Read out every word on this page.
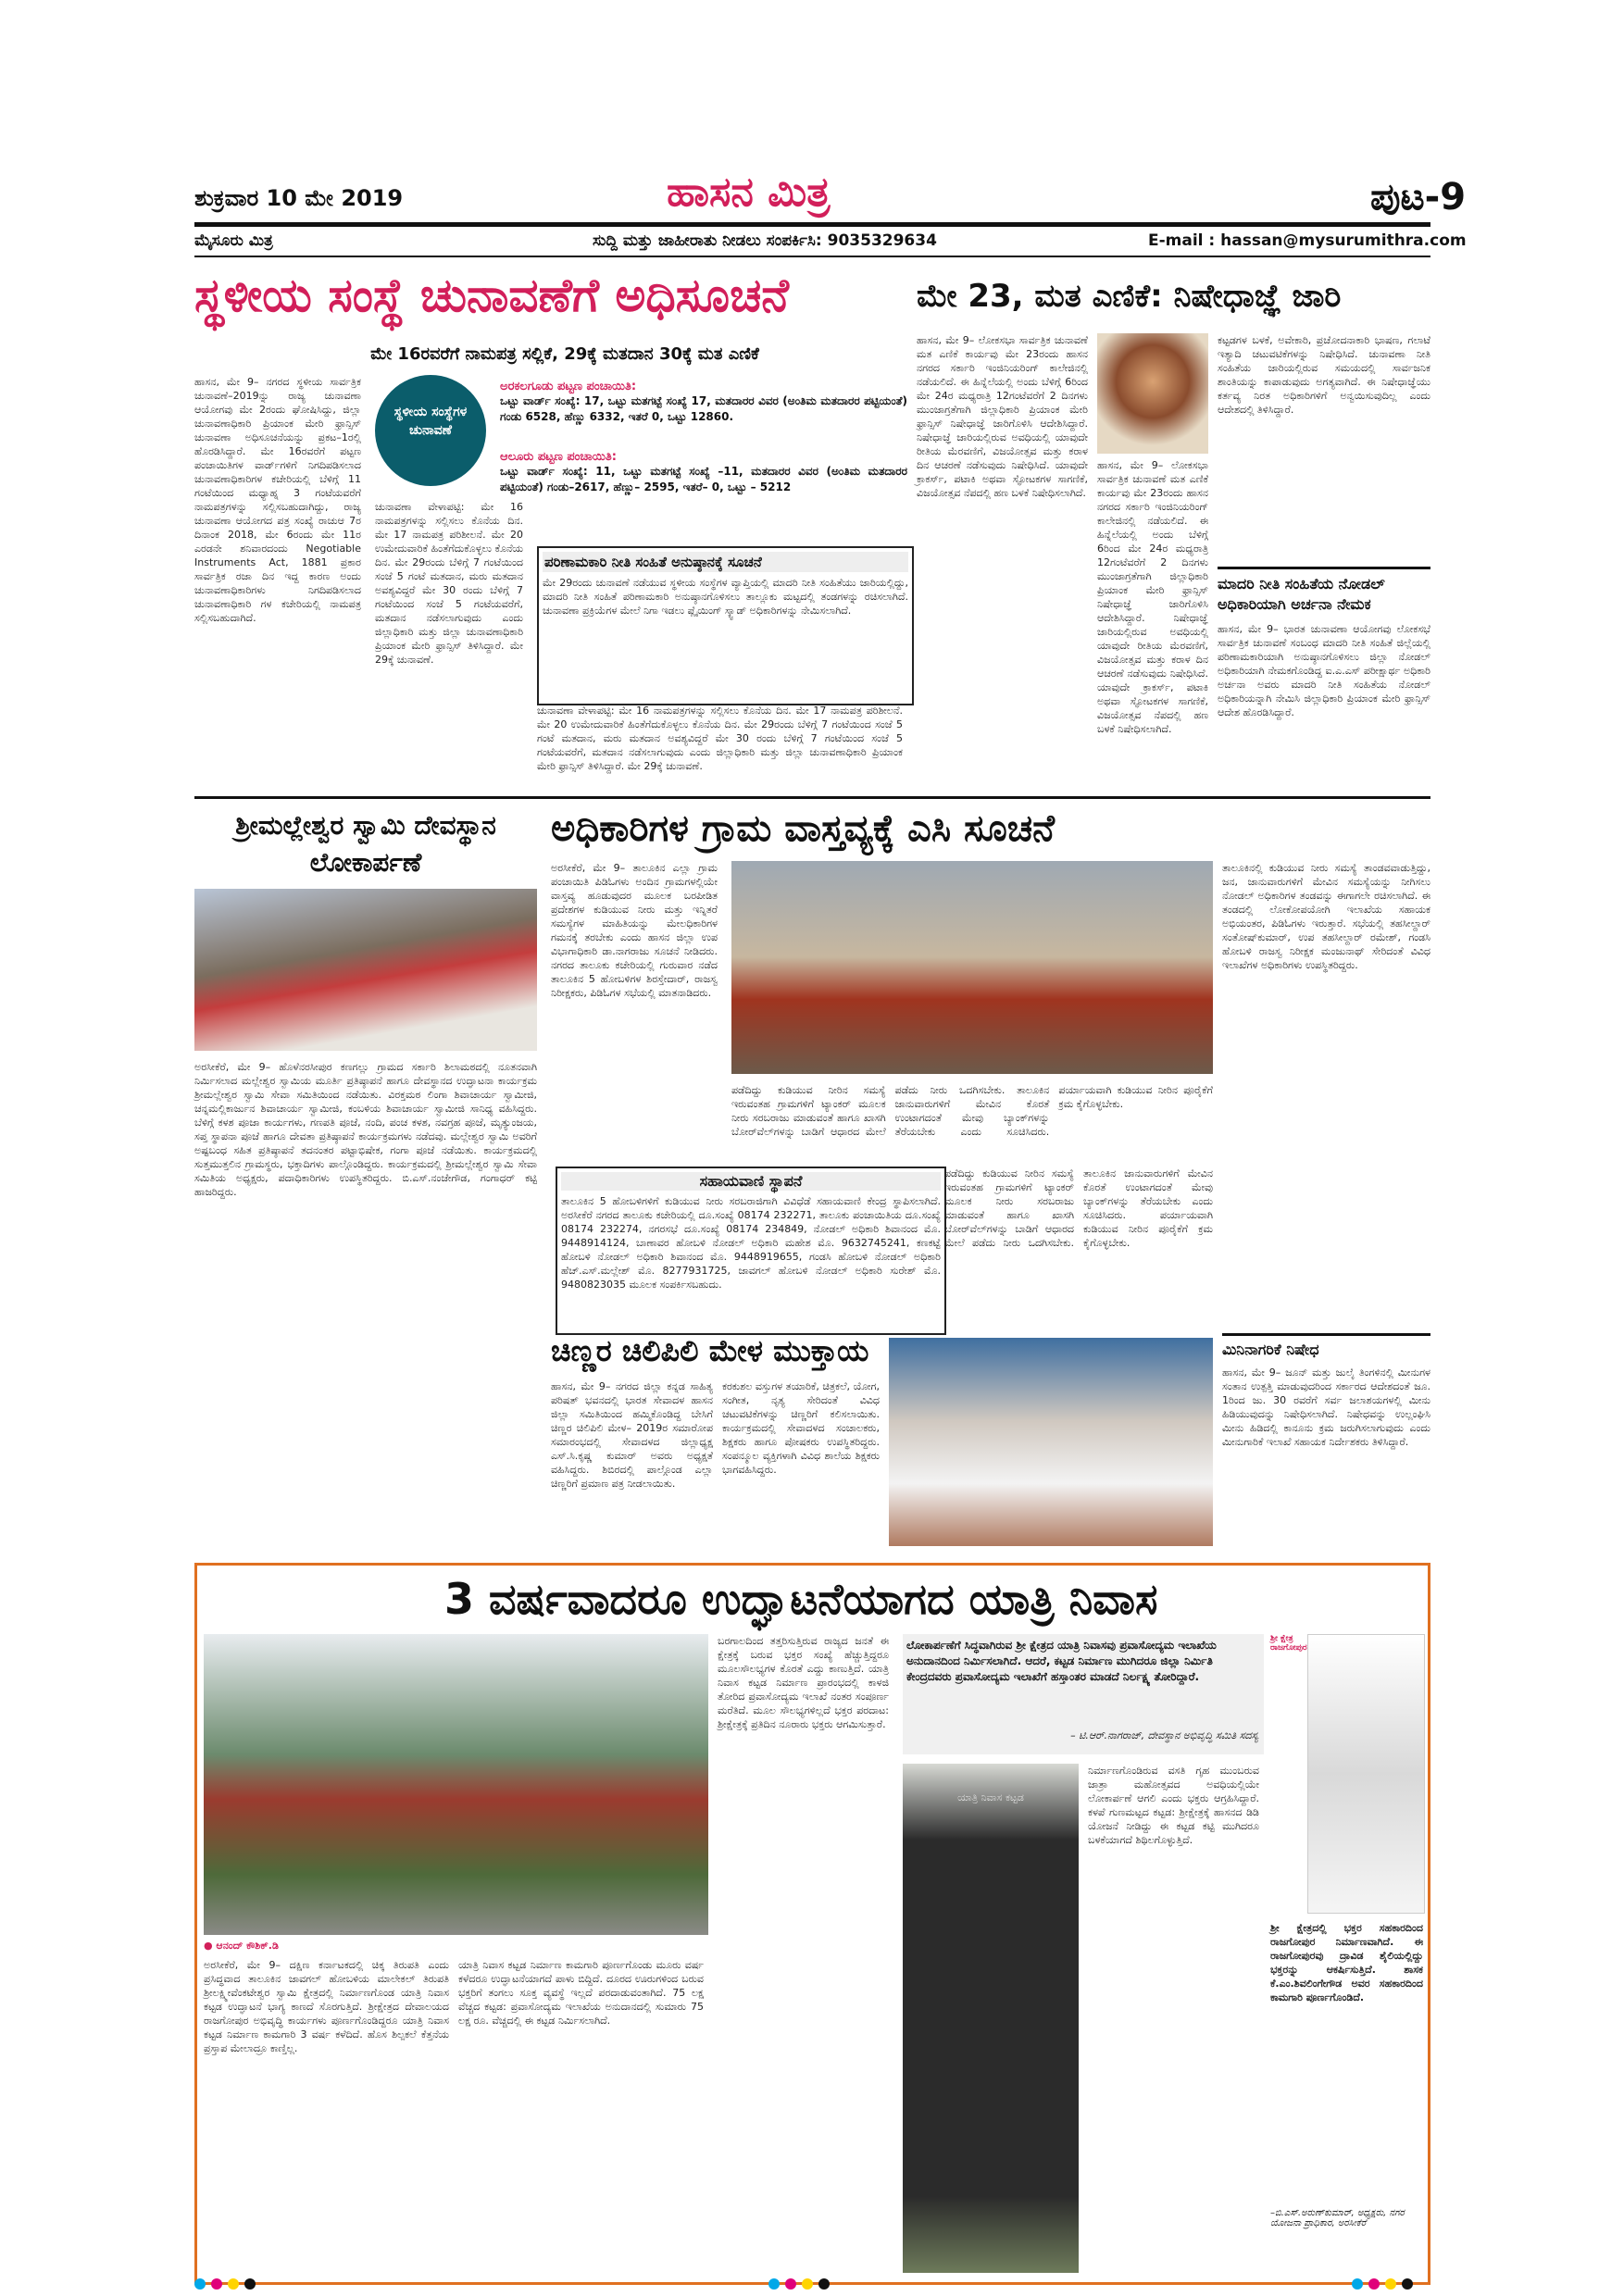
ಶುಕ್ರವಾರ 10 ಮೇ 2019	ಹಾಸನ ಮಿತ್ರ	ಪುಟ-9
ಮೈಸೂರು ಮಿತ್ರ	ಸುದ್ದಿ ಮತ್ತು ಜಾಹೀರಾತು ನೀಡಲು ಸಂಪರ್ಕಿಸಿ: 9035329634	E-mail : hassan@mysurumithra.com
ಸ್ಥಳೀಯ ಸಂಸ್ಥೆ ಚುನಾವಣೆಗೆ ಅಧಿಸೂಚನೆ
ಮೇ 16ರವರೆಗೆ ನಾಮಪತ್ರ ಸಲ್ಲಿಕೆ, 29ಕ್ಕೆ ಮತದಾನ 30ಕ್ಕೆ ಮತ ಎಣಿಕೆ
ಹಾಸನ, ಮೇ 9– ನಗರದ ಸ್ಥಳೀಯ ಸಾರ್ವತ್ರಿಕ ಚುನಾವಣೆ–2019ನ್ನು ರಾಜ್ಯ ಚುನಾವಣಾ ಆಯೋಗವು ಮೇ 2ರಂದು ಘೋಷಿಸಿದ್ದು, ಜಿಲ್ಲಾ ಚುನಾವಣಾಧಿಕಾರಿ ಪ್ರಿಯಾಂಕ ಮೇರಿ ಫ್ರಾನ್ಸಿಸ್ ಚುನಾವಣಾ ಅಧಿಸೂಚನೆಯನ್ನು ಪ್ರಕಟ–1ರಲ್ಲಿ ಹೊರಡಿಸಿದ್ದಾರೆ. ಮೇ 16ರವರೆಗೆ ಪಟ್ಟಣ ಪಂಚಾಯಿತಿಗಳ ವಾರ್ಡ್‌ಗಳಿಗೆ ನಿಗದಿಪಡಿಸಲಾದ ಚುನಾವಣಾಧಿಕಾರಿಗಳ ಕಚೇರಿಯಲ್ಲಿ ಬೆಳಿಗ್ಗೆ 11 ಗಂಟೆಯಿಂದ ಮಧ್ಯಾಹ್ನ 3 ಗಂಟೆಯವರೆಗೆ ನಾಮಪತ್ರಗಳನ್ನು ಸಲ್ಲಿಸಬಹುದಾಗಿದ್ದು, ರಾಜ್ಯ ಚುನಾವಣಾ ಆಯೋಗದ ಪತ್ರ ಸಂಖ್ಯೆ ರಾಚುಆ 7ರ ದಿನಾಂಕ 2018, ಮೇ 6ರಂದು ಮೇ 11ರ ಎರಡನೇ ಶನಿವಾರದಂದು Negotiable Instruments Act, 1881 ಪ್ರಕಾರ ಸಾರ್ವತ್ರಿಕ ರಜಾ ದಿನ ಇದ್ದ ಕಾರಣ ಅಂದು ಚುನಾವಣಾಧಿಕಾರಿಗಳು ನಿಗದಿಪಡಿಸಲಾದ ಚುನಾವಣಾಧಿಕಾರಿ ಗಳ ಕಚೇರಿಯಲ್ಲಿ ನಾಮಪತ್ರ ಸಲ್ಲಿಸಬಹುದಾಗಿದೆ.
ಸ್ಥಳೀಯ ಸಂಸ್ಥೆಗಳ ಚುನಾವಣೆ
ಅರಕಲಗೂಡು ಪಟ್ಟಣ ಪಂಚಾಯಿತಿ:
ಒಟ್ಟು ವಾರ್ಡ್ ಸಂಖ್ಯೆ: 17, ಒಟ್ಟು ಮತಗಟ್ಟೆ ಸಂಖ್ಯೆ 17, ಮತದಾರರ ವಿವರ (ಅಂತಿಮ ಮತದಾರರ ಪಟ್ಟಿಯಂತೆ) ಗಂಡು 6528, ಹೆಣ್ಣು 6332, ಇತರೆ 0, ಒಟ್ಟು 12860.
ಆಲೂರು ಪಟ್ಟಣ ಪಂಚಾಯಿತಿ:
ಒಟ್ಟು ವಾರ್ಡ್ ಸಂಖ್ಯೆ: 11, ಒಟ್ಟು ಮತಗಟ್ಟೆ ಸಂಖ್ಯೆ –11, ಮತದಾರರ ವಿವರ (ಅಂತಿಮ ಮತದಾರರ ಪಟ್ಟಿಯಂತೆ) ಗಂಡು–2617, ಹೆಣ್ಣು– 2595, ಇತರೆ– 0, ಒಟ್ಟು – 5212
ಚುನಾವಣಾ ವೇಳಾಪಟ್ಟಿ: ಮೇ 16 ನಾಮಪತ್ರಗಳನ್ನು ಸಲ್ಲಿಸಲು ಕೊನೆಯ ದಿನ. ಮೇ 17 ನಾಮಪತ್ರ ಪರಿಶೀಲನೆ. ಮೇ 20 ಉಮೇದುವಾರಿಕೆ ಹಿಂತೆಗೆದುಕೊಳ್ಳಲು ಕೊನೆಯ ದಿನ. ಮೇ 29ರಂದು ಬೆಳಿಗ್ಗೆ 7 ಗಂಟೆಯಿಂದ ಸಂಜೆ 5 ಗಂಟೆ ಮತದಾನ, ಮರು ಮತದಾನ ಅವಶ್ಯವಿದ್ದರೆ ಮೇ 30 ರಂದು ಬೆಳಿಗ್ಗೆ 7 ಗಂಟೆಯಿಂದ ಸಂಜೆ 5 ಗಂಟೆಯವರೆಗೆ, ಮತದಾನ ನಡೆಸಲಾಗುವುದು ಎಂದು ಜಿಲ್ಲಾಧಿಕಾರಿ ಮತ್ತು ಜಿಲ್ಲಾ ಚುನಾವಣಾಧಿಕಾರಿ ಪ್ರಿಯಾಂಕ ಮೇರಿ ಫ್ರಾನ್ಸಿಸ್ ತಿಳಿಸಿದ್ದಾರೆ. ಮೇ 29ಕ್ಕೆ ಚುನಾವಣೆ.
ಪರಿಣಾಮಕಾರಿ ನೀತಿ ಸಂಹಿತೆ ಅನುಷ್ಠಾನಕ್ಕೆ ಸೂಚನೆ
ಮೇ 29ರಂದು ಚುನಾವಣೆ ನಡೆಯುವ ಸ್ಥಳೀಯ ಸಂಸ್ಥೆಗಳ ವ್ಯಾಪ್ತಿಯಲ್ಲಿ ಮಾದರಿ ನೀತಿ ಸಂಹಿತೆಯು ಜಾರಿಯಲ್ಲಿದ್ದು, ಮಾದರಿ ನೀತಿ ಸಂಹಿತೆ ಪರಿಣಾಮಕಾರಿ ಅನುಷ್ಠಾನಗೊಳಿಸಲು ತಾಲ್ಲೂಕು ಮಟ್ಟದಲ್ಲಿ ತಂಡಗಳನ್ನು ರಚಿಸಲಾಗಿದೆ. ಚುನಾವಣಾ ಪ್ರಕ್ರಿಯೆಗಳ ಮೇಲೆ ನಿಗಾ ಇಡಲು ಪ್ಲೈಯಿಂಗ್ ಸ್ಕ್ವಾಡ್ ಅಧಿಕಾರಿಗಳನ್ನು ನೇಮಿಸಲಾಗಿದೆ.
ಚುನಾವಣಾ ವೇಳಾಪಟ್ಟಿ: ಮೇ 16 ನಾಮಪತ್ರಗಳನ್ನು ಸಲ್ಲಿಸಲು ಕೊನೆಯ ದಿನ. ಮೇ 17 ನಾಮಪತ್ರ ಪರಿಶೀಲನೆ. ಮೇ 20 ಉಮೇದುವಾರಿಕೆ ಹಿಂತೆಗೆದುಕೊಳ್ಳಲು ಕೊನೆಯ ದಿನ. ಮೇ 29ರಂದು ಬೆಳಿಗ್ಗೆ 7 ಗಂಟೆಯಿಂದ ಸಂಜೆ 5 ಗಂಟೆ ಮತದಾನ, ಮರು ಮತದಾನ ಅವಶ್ಯವಿದ್ದರೆ ಮೇ 30 ರಂದು ಬೆಳಿಗ್ಗೆ 7 ಗಂಟೆಯಿಂದ ಸಂಜೆ 5 ಗಂಟೆಯವರೆಗೆ, ಮತದಾನ ನಡೆಸಲಾಗುವುದು ಎಂದು ಜಿಲ್ಲಾಧಿಕಾರಿ ಮತ್ತು ಜಿಲ್ಲಾ ಚುನಾವಣಾಧಿಕಾರಿ ಪ್ರಿಯಾಂಕ ಮೇರಿ ಫ್ರಾನ್ಸಿಸ್ ತಿಳಿಸಿದ್ದಾರೆ. ಮೇ 29ಕ್ಕೆ ಚುನಾವಣೆ.
ಮೇ 23, ಮತ ಎಣಿಕೆ: ನಿಷೇಧಾಜ್ಞೆ ಜಾರಿ
ಹಾಸನ, ಮೇ 9– ಲೋಕಸಭಾ ಸಾರ್ವತ್ರಿಕ ಚುನಾವಣೆ ಮತ ಎಣಿಕೆ ಕಾರ್ಯವು ಮೇ 23ರಂದು ಹಾಸನ ನಗರದ ಸರ್ಕಾರಿ ಇಂಜಿನಿಯರಿಂಗ್ ಕಾಲೇಜಿನಲ್ಲಿ ನಡೆಯಲಿದೆ. ಈ ಹಿನ್ನೆಲೆಯಲ್ಲಿ ಅಂದು ಬೆಳಿಗ್ಗೆ 6ರಿಂದ ಮೇ 24ರ ಮಧ್ಯರಾತ್ರಿ 12ಗಂಟೆವರೆಗೆ 2 ದಿನಗಳು ಮುಂಜಾಗ್ರತೆಗಾಗಿ ಜಿಲ್ಲಾಧಿಕಾರಿ ಪ್ರಿಯಾಂಕ ಮೇರಿ ಫ್ರಾನ್ಸಿಸ್ ನಿಷೇಧಾಜ್ಞೆ ಜಾರಿಗೊಳಿಸಿ ಆದೇಶಿಸಿದ್ದಾರೆ. ನಿಷೇಧಾಜ್ಞೆ ಜಾರಿಯಲ್ಲಿರುವ ಅವಧಿಯಲ್ಲಿ ಯಾವುದೇ ರೀತಿಯ ಮೆರವಣಿಗೆ, ವಿಜಯೋತ್ಸವ ಮತ್ತು ಕರಾಳ ದಿನ ಆಚರಣೆ ನಡೆಸುವುದು ನಿಷೇಧಿಸಿದೆ. ಯಾವುದೇ ಕ್ರಾಕರ್ಸ್, ಪಟಾಕಿ ಅಥವಾ ಸ್ಫೋಟಕಗಳ ಸಾಗಣಿಕೆ, ವಿಜಯೋತ್ಸವ ನೆಪದಲ್ಲಿ ಹಣ ಬಳಕೆ ನಿಷೇಧಿಸಲಾಗಿದೆ.
ಹಾಸನ, ಮೇ 9– ಲೋಕಸಭಾ ಸಾರ್ವತ್ರಿಕ ಚುನಾವಣೆ ಮತ ಎಣಿಕೆ ಕಾರ್ಯವು ಮೇ 23ರಂದು ಹಾಸನ ನಗರದ ಸರ್ಕಾರಿ ಇಂಜಿನಿಯರಿಂಗ್ ಕಾಲೇಜಿನಲ್ಲಿ ನಡೆಯಲಿದೆ. ಈ ಹಿನ್ನೆಲೆಯಲ್ಲಿ ಅಂದು ಬೆಳಿಗ್ಗೆ 6ರಿಂದ ಮೇ 24ರ ಮಧ್ಯರಾತ್ರಿ 12ಗಂಟೆವರೆಗೆ 2 ದಿನಗಳು ಮುಂಜಾಗ್ರತೆಗಾಗಿ ಜಿಲ್ಲಾಧಿಕಾರಿ ಪ್ರಿಯಾಂಕ ಮೇರಿ ಫ್ರಾನ್ಸಿಸ್ ನಿಷೇಧಾಜ್ಞೆ ಜಾರಿಗೊಳಿಸಿ ಆದೇಶಿಸಿದ್ದಾರೆ. ನಿಷೇಧಾಜ್ಞೆ ಜಾರಿಯಲ್ಲಿರುವ ಅವಧಿಯಲ್ಲಿ ಯಾವುದೇ ರೀತಿಯ ಮೆರವಣಿಗೆ, ವಿಜಯೋತ್ಸವ ಮತ್ತು ಕರಾಳ ದಿನ ಆಚರಣೆ ನಡೆಸುವುದು ನಿಷೇಧಿಸಿದೆ. ಯಾವುದೇ ಕ್ರಾಕರ್ಸ್, ಪಟಾಕಿ ಅಥವಾ ಸ್ಫೋಟಕಗಳ ಸಾಗಣಿಕೆ, ವಿಜಯೋತ್ಸವ ನೆಪದಲ್ಲಿ ಹಣ ಬಳಕೆ ನಿಷೇಧಿಸಲಾಗಿದೆ.
ಕಟ್ಟಡಗಳ ಬಳಕೆ, ಅವೇಕಾರಿ, ಪ್ರಚೋದನಾಕಾರಿ ಭಾಷಣ, ಗಲಾಟೆ ಇತ್ಯಾದಿ ಚಟುವಟಿಕೆಗಳನ್ನು ನಿಷೇಧಿಸಿದೆ. ಚುನಾವಣಾ ನೀತಿ ಸಂಹಿತೆಯ ಜಾರಿಯಲ್ಲಿರುವ ಸಮಯದಲ್ಲಿ ಸಾರ್ವಜನಿಕ ಶಾಂತಿಯನ್ನು ಕಾಪಾಡುವುದು ಅಗತ್ಯವಾಗಿದೆ. ಈ ನಿಷೇಧಾಜ್ಞೆಯು ಕರ್ತವ್ಯ ನಿರತ ಅಧಿಕಾರಿಗಳಿಗೆ ಅನ್ವಯಿಸುವುದಿಲ್ಲ ಎಂದು ಆದೇಶದಲ್ಲಿ ತಿಳಿಸಿದ್ದಾರೆ.
ಮಾದರಿ ನೀತಿ ಸಂಹಿತೆಯ ನೋಡಲ್ ಅಧಿಕಾರಿಯಾಗಿ ಅರ್ಚನಾ ನೇಮಕ
ಹಾಸನ, ಮೇ 9– ಭಾರತ ಚುನಾವಣಾ ಆಯೋಗವು ಲೋಕಸಭೆ ಸಾರ್ವತ್ರಿಕ ಚುನಾವಣೆ ಸಂಬಂಧ ಮಾದರಿ ನೀತಿ ಸಂಹಿತೆ ಜಿಲ್ಲೆಯಲ್ಲಿ ಪರಿಣಾಮಕಾರಿಯಾಗಿ ಅನುಷ್ಠಾನಗೊಳಿಸಲು ಜಿಲ್ಲಾ ನೋಡಲ್ ಅಧಿಕಾರಿಯಾಗಿ ನೇಮಕಗೊಂಡಿದ್ದ ಐ.ಎ.ಎಸ್ ಪರೀಕ್ಷಾರ್ಥ ಅಧಿಕಾರಿ ಅರ್ಚನಾ ಅವರು ಮಾದರಿ ನೀತಿ ಸಂಹಿತೆಯ ನೋಡಲ್ ಅಧಿಕಾರಿಯನ್ನಾಗಿ ನೇಮಿಸಿ ಜಿಲ್ಲಾಧಿಕಾರಿ ಪ್ರಿಯಾಂಕ ಮೇರಿ ಫ್ರಾನ್ಸಿಸ್ ಆದೇಶ ಹೊರಡಿಸಿದ್ದಾರೆ.
ಶ್ರೀಮಲ್ಲೇಶ್ವರ ಸ್ವಾಮಿ ದೇವಸ್ಥಾನ ಲೋಕಾರ್ಪಣೆ
ಅರಸೀಕೆರೆ, ಮೇ 9– ಹೊಳೆನರಸೀಪುರ ಕಣಗಲ್ಲು ಗ್ರಾಮದ ಸರ್ಕಾರಿ ಶಿಲಾಮಠದಲ್ಲಿ ನೂತನವಾಗಿ ನಿರ್ಮಿಸಲಾದ ಮಲ್ಲೇಶ್ವರ ಸ್ವಾಮಿಯ ಮೂರ್ತಿ ಪ್ರತಿಷ್ಠಾಪನೆ ಹಾಗೂ ದೇವಸ್ಥಾನದ ಉದ್ಘಾಟನಾ ಕಾರ್ಯಕ್ರಮ ಶ್ರೀಮಲ್ಲೇಶ್ವರ ಸ್ವಾಮಿ ಸೇವಾ ಸಮಿತಿಯಿಂದ ನಡೆಯಿತು. ವಿರಕ್ತಮಠ ಲಿಂಗಾ ಶಿವಾಚಾರ್ಯ ಸ್ವಾಮೀಜಿ, ಚನ್ನಮಲ್ಲಿಕಾರ್ಜುನ ಶಿವಾಚಾರ್ಯ ಸ್ವಾಮೀಜಿ, ಕಂಬಳಿಯ ಶಿವಾಚಾರ್ಯ ಸ್ವಾಮೀಜಿ ಸಾನಿಧ್ಯ ವಹಿಸಿದ್ದರು. ಬೆಳಿಗ್ಗೆ ಕಳಶ ಪೂಜಾ ಕಾರ್ಯಗಳು, ಗಣಪತಿ ಪೂಜೆ, ನಂದಿ, ಪಂಚ ಕಳಶ, ನವಗ್ರಹ ಪೂಜೆ, ಮೃತ್ಯುಂಜಯ, ಸಪ್ತ ಸ್ಥಾಪನಾ ಪೂಜೆ ಹಾಗೂ ದೇವತಾ ಪ್ರತಿಷ್ಠಾಪನೆ ಕಾರ್ಯಕ್ರಮಗಳು ನಡೆದವು. ಮಲ್ಲೇಶ್ವರ ಸ್ವಾಮಿ ಅವರಿಗೆ ಅಷ್ಟಬಂಧ ಸಹಿತ ಪ್ರತಿಷ್ಠಾಪನೆ ತದನಂತರ ಪಟ್ಟಾಭಿಷೇಕ, ಗಂಗಾ ಪೂಜೆ ನಡೆಯಿತು. ಕಾರ್ಯಕ್ರಮದಲ್ಲಿ ಸುತ್ತಮುತ್ತಲಿನ ಗ್ರಾಮಸ್ಥರು, ಭಕ್ತಾದಿಗಳು ಪಾಲ್ಗೊಂಡಿದ್ದರು. ಕಾರ್ಯಕ್ರಮದಲ್ಲಿ ಶ್ರೀಮಲ್ಲೇಶ್ವರ ಸ್ವಾಮಿ ಸೇವಾ ಸಮಿತಿಯ ಅಧ್ಯಕ್ಷರು, ಪದಾಧಿಕಾರಿಗಳು ಉಪಸ್ಥಿತರಿದ್ದರು. ಬಿ.ಎಸ್.ನಂಜೇಗೌಡ, ಗಂಗಾಧರ್ ಕಟ್ಟಿ ಹಾಜರಿದ್ದರು.
ಅಧಿಕಾರಿಗಳ ಗ್ರಾಮ ವಾಸ್ತವ್ಯಕ್ಕೆ ಎಸಿ ಸೂಚನೆ
ಅರಸೀಕೆರೆ, ಮೇ 9– ತಾಲೂಕಿನ ಎಲ್ಲಾ ಗ್ರಾಮ ಪಂಚಾಯಿತಿ ಪಿಡಿಓಗಳು ಅಂದಿನ ಗ್ರಾಮಗಳಲ್ಲಿಯೇ ವಾಸ್ತವ್ಯ ಹೂಡುವುದರ ಮೂಲಕ ಬರಪೀಡಿತ ಪ್ರದೇಶಗಳ ಕುಡಿಯುವ ನೀರು ಮತ್ತು ಇನ್ನಿತರೆ ಸಮಸ್ಯೆಗಳ ಮಾಹಿತಿಯನ್ನು ಮೇಲಧಿಕಾರಿಗಳ ಗಮನಕ್ಕೆ ತರಬೇಕು ಎಂದು ಹಾಸನ ಜಿಲ್ಲಾ ಉಪ ವಿಭಾಗಾಧಿಕಾರಿ ಡಾ.ನಾಗರಾಜು ಸೂಚನೆ ನೀಡಿದರು. ನಗರದ ತಾಲೂಕು ಕಚೇರಿಯಲ್ಲಿ ಗುರುವಾರ ನಡೆದ ತಾಲೂಕಿನ 5 ಹೋಬಳಿಗಳ ಶಿರಸ್ತೇದಾರ್, ರಾಜಸ್ವ ನಿರೀಕ್ಷಕರು, ಪಿಡಿಓಗಳ ಸಭೆಯಲ್ಲಿ ಮಾತನಾಡಿದರು.
ತಾಲೂಕಿನಲ್ಲಿ ಕುಡಿಯುವ ನೀರು ಸಮಸ್ಯೆ ತಾಂಡವವಾಡುತ್ತಿದ್ದು, ಜನ, ಜಾನುವಾರುಗಳಿಗೆ ಮೇವಿನ ಸಮಸ್ಯೆಯನ್ನು ನೀಗಿಸಲು ನೋಡಲ್ ಅಧಿಕಾರಿಗಳ ತಂಡವನ್ನು ಈಗಾಗಲೇ ರಚಿಸಲಾಗಿದೆ. ಈ ತಂಡದಲ್ಲಿ ಲೋಕೋಪಯೋಗಿ ಇಲಾಖೆಯ ಸಹಾಯಕ ಅಭಿಯಂತರ, ಪಿಡಿಓಗಳು ಇರುತ್ತಾರೆ. ಸಭೆಯಲ್ಲಿ ತಹಸೀಲ್ದಾರ್ ಸಂತೋಷ್‌ಕುಮಾರ್, ಉಪ ತಹಸೀಲ್ದಾರ್ ರಮೇಶ್, ಗಂಡಸಿ ಹೋಬಳಿ ರಾಜಸ್ವ ನಿರೀಕ್ಷಕ ಮಂಜುನಾಥ್ ಸೇರಿದಂತೆ ವಿವಿಧ ಇಲಾಖೆಗಳ ಅಧಿಕಾರಿಗಳು ಉಪಸ್ಥಿತರಿದ್ದರು.
ಪಡೆದಿದ್ದು ಕುಡಿಯುವ ನೀರಿನ ಸಮಸ್ಯೆ ಇರುವಂತಹ ಗ್ರಾಮಗಳಿಗೆ ಟ್ಯಾಂಕರ್ ಮೂಲಕ ನೀರು ಸರಬರಾಜು ಮಾಡುವಂತೆ ಹಾಗೂ ಖಾಸಗಿ ಬೋರ್‌ವೆಲ್‌ಗಳನ್ನು ಬಾಡಿಗೆ ಆಧಾರದ ಮೇಲೆ ಪಡೆದು ನೀರು ಒದಗಿಸಬೇಕು. ತಾಲೂಕಿನ ಜಾನುವಾರುಗಳಿಗೆ ಮೇವಿನ ಕೊರತೆ ಉಂಟಾಗದಂತೆ ಮೇವು ಬ್ಯಾಂಕ್‌ಗಳನ್ನು ತೆರೆಯಬೇಕು ಎಂದು ಸೂಚಿಸಿದರು. ಪರ್ಯಾಯವಾಗಿ ಕುಡಿಯುವ ನೀರಿನ ಪೂರೈಕೆಗೆ ಕ್ರಮ ಕೈಗೊಳ್ಳಬೇಕು.
ಸಹಾಯವಾಣಿ ಸ್ಥಾಪನೆ
ತಾಲೂಕಿನ 5 ಹೋಬಳಿಗಳಿಗೆ ಕುಡಿಯುವ ನೀರು ಸರಬರಾಜಿಗಾಗಿ ವಿವಿಧೆಡೆ ಸಹಾಯವಾಣಿ ಕೇಂದ್ರ ಸ್ಥಾಪಿಸಲಾಗಿದೆ. ಅರಸೀಕೆರೆ ನಗರದ ತಾಲೂಕು ಕಚೇರಿಯಲ್ಲಿ ದೂ.ಸಂಖ್ಯೆ 08174 232271, ತಾಲೂಕು ಪಂಚಾಯಿತಿಯ ದೂ.ಸಂಖ್ಯೆ 08174 232274, ನಗರಸಭೆ ದೂ.ಸಂಖ್ಯೆ 08174 234849, ನೋಡಲ್ ಅಧಿಕಾರಿ ಶಿವಾನಂದ ಮೊ. 9448914124, ಬಾಣಾವರ ಹೋಬಳಿ ನೋಡಲ್ ಅಧಿಕಾರಿ ಮಹೇಶ ಮೊ. 9632745241, ಕಣಕಟ್ಟೆ ಹೋಬಳಿ ನೋಡಲ್ ಅಧಿಕಾರಿ ಶಿವಾನಂದ ಮೊ. 9448919655, ಗಂಡಸಿ ಹೋಬಳಿ ನೋಡಲ್ ಅಧಿಕಾರಿ ಹೆಚ್.ಎಸ್.ಮಲ್ಲೇಶ್ ಮೊ. 8277931725, ಜಾವಗಲ್ ಹೋಬಳಿ ನೋಡಲ್ ಅಧಿಕಾರಿ ಸುರೇಶ್ ಮೊ. 9480823035 ಮೂಲಕ ಸಂಪರ್ಕಿಸಬಹುದು.
ಪಡೆದಿದ್ದು ಕುಡಿಯುವ ನೀರಿನ ಸಮಸ್ಯೆ ಇರುವಂತಹ ಗ್ರಾಮಗಳಿಗೆ ಟ್ಯಾಂಕರ್ ಮೂಲಕ ನೀರು ಸರಬರಾಜು ಮಾಡುವಂತೆ ಹಾಗೂ ಖಾಸಗಿ ಬೋರ್‌ವೆಲ್‌ಗಳನ್ನು ಬಾಡಿಗೆ ಆಧಾರದ ಮೇಲೆ ಪಡೆದು ನೀರು ಒದಗಿಸಬೇಕು. ತಾಲೂಕಿನ ಜಾನುವಾರುಗಳಿಗೆ ಮೇವಿನ ಕೊರತೆ ಉಂಟಾಗದಂತೆ ಮೇವು ಬ್ಯಾಂಕ್‌ಗಳನ್ನು ತೆರೆಯಬೇಕು ಎಂದು ಸೂಚಿಸಿದರು. ಪರ್ಯಾಯವಾಗಿ ಕುಡಿಯುವ ನೀರಿನ ಪೂರೈಕೆಗೆ ಕ್ರಮ ಕೈಗೊಳ್ಳಬೇಕು.
ಚಿಣ್ಣರ ಚಿಲಿಪಿಲಿ ಮೇಳ ಮುಕ್ತಾಯ
ಹಾಸನ, ಮೇ 9– ನಗರದ ಜಿಲ್ಲಾ ಕನ್ನಡ ಸಾಹಿತ್ಯ ಪರಿಷತ್ ಭವನದಲ್ಲಿ ಭಾರತ ಸೇವಾದಳ ಹಾಸನ ಜಿಲ್ಲಾ ಸಮಿತಿಯಿಂದ ಹಮ್ಮಿಕೊಂಡಿದ್ದ ಬೇಸಿಗೆ ಚಿಣ್ಣರ ಚಿಲಿಪಿಲಿ ಮೇಳ– 2019ರ ಸಮಾರೋಪ ಸಮಾರಂಭದಲ್ಲಿ ಸೇವಾದಳದ ಜಿಲ್ಲಾಧ್ಯಕ್ಷ ಎಸ್.ಸಿ.ಕೃಷ್ಣ ಕುಮಾರ್ ಅವರು ಅಧ್ಯಕ್ಷತೆ ವಹಿಸಿದ್ದರು. ಶಿಬಿರದಲ್ಲಿ ಪಾಲ್ಗೊಂಡ ಎಲ್ಲಾ ಚಿಣ್ಣರಿಗೆ ಪ್ರಮಾಣ ಪತ್ರ ನೀಡಲಾಯಿತು.
ಕರಕುಶಲ ವಸ್ತುಗಳ ತಯಾರಿಕೆ, ಚಿತ್ರಕಲೆ, ಯೋಗ, ಸಂಗೀತ, ನೃತ್ಯ ಸೇರಿದಂತೆ ವಿವಿಧ ಚಟುವಟಿಕೆಗಳನ್ನು ಚಿಣ್ಣರಿಗೆ ಕಲಿಸಲಾಯಿತು. ಕಾರ್ಯಕ್ರಮದಲ್ಲಿ ಸೇವಾದಳದ ಸಂಚಾಲಕರು, ಶಿಕ್ಷಕರು ಹಾಗೂ ಪೋಷಕರು ಉಪಸ್ಥಿತರಿದ್ದರು. ಸಂಪನ್ಮೂಲ ವ್ಯಕ್ತಿಗಳಾಗಿ ವಿವಿಧ ಶಾಲೆಯ ಶಿಕ್ಷಕರು ಭಾಗವಹಿಸಿದ್ದರು.
ಮಿನಿನಾಗರಿಕೆ ನಿಷೇಧ
ಹಾಸನ, ಮೇ 9– ಜೂನ್ ಮತ್ತು ಜುಲೈ ತಿಂಗಳಿನಲ್ಲಿ ಮೀನುಗಳ ಸಂತಾನ ಉತ್ಪತ್ತಿ ಮಾಡುವುದರಿಂದ ಸರ್ಕಾರದ ಆದೇಶದಂತೆ ಜೂ. 1ರಿಂದ ಜು. 30 ರವರೆಗೆ ಸರ್ವ ಜಲಾಶಯಗಳಲ್ಲಿ ಮೀನು ಹಿಡಿಯುವುದನ್ನು ನಿಷೇಧಿಸಲಾಗಿದೆ. ನಿಷೇಧವನ್ನು ಉಲ್ಲಂಘಿಸಿ ಮೀನು ಹಿಡಿದಲ್ಲಿ ಕಾನೂನು ಕ್ರಮ ಜರುಗಿಸಲಾಗುವುದು ಎಂದು ಮೀನುಗಾರಿಕೆ ಇಲಾಖೆ ಸಹಾಯಕ ನಿರ್ದೇಶಕರು ತಿಳಿಸಿದ್ದಾರೆ.
3 ವರ್ಷವಾದರೂ ಉದ್ಘಾಟನೆಯಾಗದ ಯಾತ್ರಿ ನಿವಾಸ
● ಆನಂದ್ ಕೌಶಿಕ್.ಡಿ
ಅರಸೀಕೆರೆ, ಮೇ 9– ದಕ್ಷಿಣ ಕರ್ನಾಟಕದಲ್ಲಿ ಚಿಕ್ಕ ತಿರುಪತಿ ಎಂದು ಪ್ರಸಿದ್ಧವಾದ ತಾಲೂಕಿನ ಜಾವಗಲ್ ಹೋಬಳಿಯ ಮಾಲೇಕಲ್ ತಿರುಪತಿ ಶ್ರೀಲಕ್ಷ್ಮೀವೆಂಕಟೇಶ್ವರ ಸ್ವಾಮಿ ಕ್ಷೇತ್ರದಲ್ಲಿ ನಿರ್ಮಾಣಗೊಂಡ ಯಾತ್ರಿ ನಿವಾಸ ಕಟ್ಟಡ ಉದ್ಘಾಟನೆ ಭಾಗ್ಯ ಕಾಣದೆ ಸೊರಗುತ್ತಿದೆ. ಶ್ರೀಕ್ಷೇತ್ರದ ದೇವಾಲಯದ ರಾಜಗೋಪುರ ಅಭಿವೃದ್ಧಿ ಕಾರ್ಯಗಳು ಪೂರ್ಣಗೊಂಡಿದ್ದರೂ ಯಾತ್ರಿ ನಿವಾಸ ಕಟ್ಟಡ ನಿರ್ಮಾಣ ಕಾಮಗಾರಿ 3 ವರ್ಷ ಕಳೆದಿದೆ. ಹೊಸ ಶಿಲ್ಪಕಲೆ ಕೆತ್ತನೆಯ ಪ್ರಸ್ತಾಪ ಮೇಲಾದ್ರೂ ಕಾಣ್ತಿಲ್ಲ.
ಯಾತ್ರಿ ನಿವಾಸ ಕಟ್ಟಡ ನಿರ್ಮಾಣ ಕಾಮಗಾರಿ ಪೂರ್ಣಗೊಂಡು ಮೂರು ವರ್ಷ ಕಳೆದರೂ ಉದ್ಘಾಟನೆಯಾಗದೆ ಪಾಳು ಬಿದ್ದಿದೆ. ದೂರದ ಊರುಗಳಿಂದ ಬರುವ ಭಕ್ತರಿಗೆ ತಂಗಲು ಸೂಕ್ತ ವ್ಯವಸ್ಥೆ ಇಲ್ಲದೆ ಪರದಾಡುವಂತಾಗಿದೆ. 75 ಲಕ್ಷ ವೆಚ್ಚದ ಕಟ್ಟಡ: ಪ್ರವಾಸೋದ್ಯಮ ಇಲಾಖೆಯ ಅನುದಾನದಲ್ಲಿ ಸುಮಾರು 75 ಲಕ್ಷ ರೂ. ವೆಚ್ಚದಲ್ಲಿ ಈ ಕಟ್ಟಡ ನಿರ್ಮಿಸಲಾಗಿದೆ.
ಬರಗಾಲದಿಂದ ತತ್ತರಿಸುತ್ತಿರುವ ರಾಜ್ಯದ ಜನತೆ ಈ ಕ್ಷೇತ್ರಕ್ಕೆ ಬರುವ ಭಕ್ತರ ಸಂಖ್ಯೆ ಹೆಚ್ಚುತ್ತಿದ್ದರೂ ಮೂಲಸೌಲಭ್ಯಗಳ ಕೊರತೆ ಎದ್ದು ಕಾಣುತ್ತಿದೆ. ಯಾತ್ರಿ ನಿವಾಸ ಕಟ್ಟಡ ನಿರ್ಮಾಣ ಪ್ರಾರಂಭದಲ್ಲಿ ಕಾಳಜಿ ತೋರಿದ ಪ್ರವಾಸೋದ್ಯಮ ಇಲಾಖೆ ನಂತರ ಸಂಪೂರ್ಣ ಮರೆತಿದೆ. ಮೂಲ ಸೌಲಭ್ಯಗಳಿಲ್ಲದೆ ಭಕ್ತರ ಪರದಾಟ: ಶ್ರೀಕ್ಷೇತ್ರಕ್ಕೆ ಪ್ರತಿದಿನ ನೂರಾರು ಭಕ್ತರು ಆಗಮಿಸುತ್ತಾರೆ.
ಲೋಕಾರ್ಪಣೆಗೆ ಸಿದ್ಧವಾಗಿರುವ ಶ್ರೀ ಕ್ಷೇತ್ರದ ಯಾತ್ರಿ ನಿವಾಸವು ಪ್ರವಾಸೋದ್ಯಮ ಇಲಾಖೆಯ ಅನುದಾನದಿಂದ ನಿರ್ಮಿಸಲಾಗಿದೆ. ಆದರೆ, ಕಟ್ಟಡ ನಿರ್ಮಾಣ ಮುಗಿದರೂ ಜಿಲ್ಲಾ ನಿರ್ಮಿತಿ ಕೇಂದ್ರದವರು ಪ್ರವಾಸೋದ್ಯಮ ಇಲಾಖೆಗೆ ಹಸ್ತಾಂತರ ಮಾಡದೆ ನಿರ್ಲಕ್ಷ್ಯ ತೋರಿದ್ದಾರೆ.
– ಟಿ.ಆರ್.ನಾಗರಾಜ್, ದೇವಸ್ಥಾನ ಅಭಿವೃದ್ಧಿ ಸಮಿತಿ ಸದಸ್ಯ
ಯಾತ್ರಿ ನಿವಾಸ ಕಟ್ಟಡ
ನಿರ್ಮಾಣಗೊಂಡಿರುವ ವಸತಿ ಗೃಹ ಮುಂಬರುವ ಜಾತ್ರಾ ಮಹೋತ್ಸವದ ಅವಧಿಯಲ್ಲಿಯೇ ಲೋಕಾರ್ಪಣೆ ಆಗಲಿ ಎಂದು ಭಕ್ತರು ಆಗ್ರಹಿಸಿದ್ದಾರೆ. ಕಳಪೆ ಗುಣಮಟ್ಟದ ಕಟ್ಟಡ: ಶ್ರೀಕ್ಷೇತ್ರಕ್ಕೆ ಹಾಸನದ ಡಿಡಿ ಯೋಜನೆ ನೀಡಿದ್ದು ಈ ಕಟ್ಟಡ ಕಟ್ಟಿ ಮುಗಿದರೂ ಬಳಕೆಯಾಗದೆ ಶಿಥಿಲಗೊಳ್ಳುತ್ತಿದೆ.
ಶ್ರೀ ಕ್ಷೇತ್ರ ರಾಜಗೋಪುರ
ಶ್ರೀ ಕ್ಷೇತ್ರದಲ್ಲಿ ಭಕ್ತರ ಸಹಕಾರದಿಂದ ರಾಜಗೋಪುರ ನಿರ್ಮಾಣವಾಗಿದೆ. ಈ ರಾಜಗೋಪುರವು ದ್ರಾವಿಡ ಶೈಲಿಯಲ್ಲಿದ್ದು ಭಕ್ತರನ್ನು ಆಕರ್ಷಿಸುತ್ತಿದೆ. ಶಾಸಕ ಕೆ.ಎಂ.ಶಿವಲಿಂಗೇಗೌಡ ಅವರ ಸಹಕಾರದಿಂದ ಕಾಮಗಾರಿ ಪೂರ್ಣಗೊಂಡಿದೆ.
–ಬಿ.ಎಸ್.ಅರುಣ್‌ಕುಮಾರ್, ಅಧ್ಯಕ್ಷರು, ನಗರ ಯೋಜನಾ ಪ್ರಾಧಿಕಾರ, ಅರಸೀಕೆರೆ
